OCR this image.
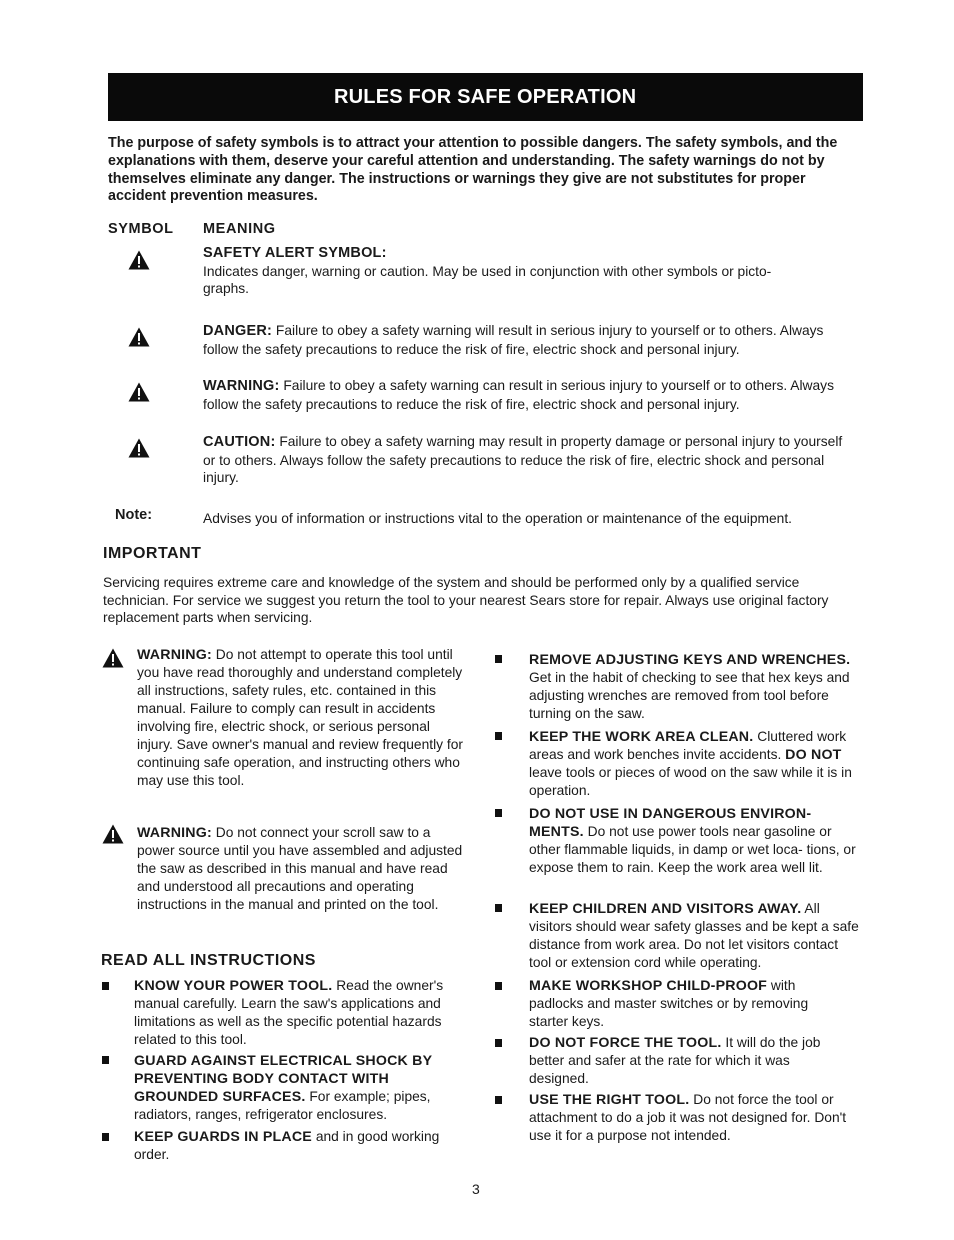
RULES FOR SAFE OPERATION
The purpose of safety symbols is to attract your attention to possible dangers. The safety symbols, and the explanations with them, deserve your careful attention and understanding. The safety warnings do not by themselves eliminate any danger. The instructions or warnings they give are not substitutes for proper accident prevention measures.
SYMBOL MEANING
SAFETY ALERT SYMBOL:
Indicates danger, warning or caution. May be used in conjunction with other symbols or picto- graphs.
DANGER: Failure to obey a safety warning will result in serious injury to yourself or to others. Always follow the safety precautions to reduce the risk of fire, electric shock and personal injury.
WARNING: Failure to obey a safety warning can result in serious injury to yourself or to others. Always follow the safety precautions to reduce the risk of fire, electric shock and personal injury.
CAUTION: Failure to obey a safety warning may result in property damage or personal injury to yourself or to others. Always follow the safety precautions to reduce the risk of fire, electric shock and personal injury.
Note:	Advises you of information or instructions vital to the operation or maintenance of the equipment.
IMPORTANT
Servicing requires extreme care and knowledge of the system and should be performed only by a qualified service technician. For service we suggest you return the tool to your nearest Sears store for repair. Always use original factory replacement parts when servicing.
WARNING: Do not attempt to operate this tool until you have read thoroughly and understand completely all instructions, safety rules, etc. contained in this manual. Failure to comply can result in accidents involving fire, electric shock, or serious personal injury. Save owner's manual and review frequently for continuing safe operation, and instructing others who may use this tool.
WARNING: Do not connect your scroll saw to a power source until you have assembled and adjusted the saw as described in this manual and have read and understood all precautions and operating instructions in the manual and printed on the tool.
READ ALL INSTRUCTIONS
KNOW YOUR POWER TOOL. Read the owner's manual carefully. Learn the saw's applications and limitations as well as the specific potential hazards related to this tool.
GUARD AGAINST ELECTRICAL SHOCK BY PREVENTING BODY CONTACT WITH GROUNDED SURFACES. For example; pipes, radiators, ranges, refrigerator enclosures.
KEEP GUARDS IN PLACE and in good working order.
REMOVE ADJUSTING KEYS AND WRENCHES. Get in the habit of checking to see that hex keys and adjusting wrenches are removed from tool before turning on the saw.
KEEP THE WORK AREA CLEAN. Cluttered work areas and work benches invite accidents. DO NOT leave tools or pieces of wood on the saw while it is in operation.
DO NOT USE IN DANGEROUS ENVIRON- MENTS. Do not use power tools near gasoline or other flammable liquids, in damp or wet loca- tions, or expose them to rain. Keep the work area well lit.
KEEP CHILDREN AND VISITORS AWAY. All visitors should wear safety glasses and be kept a safe distance from work area. Do not let visitors contact tool or extension cord while operating.
MAKE WORKSHOP CHILD-PROOF with padlocks and master switches or by removing starter keys.
DO NOT FORCE THE TOOL. It will do the job better and safer at the rate for which it was designed.
USE THE RIGHT TOOL. Do not force the tool or attachment to do a job it was not designed for. Don't use it for a purpose not intended.
3
